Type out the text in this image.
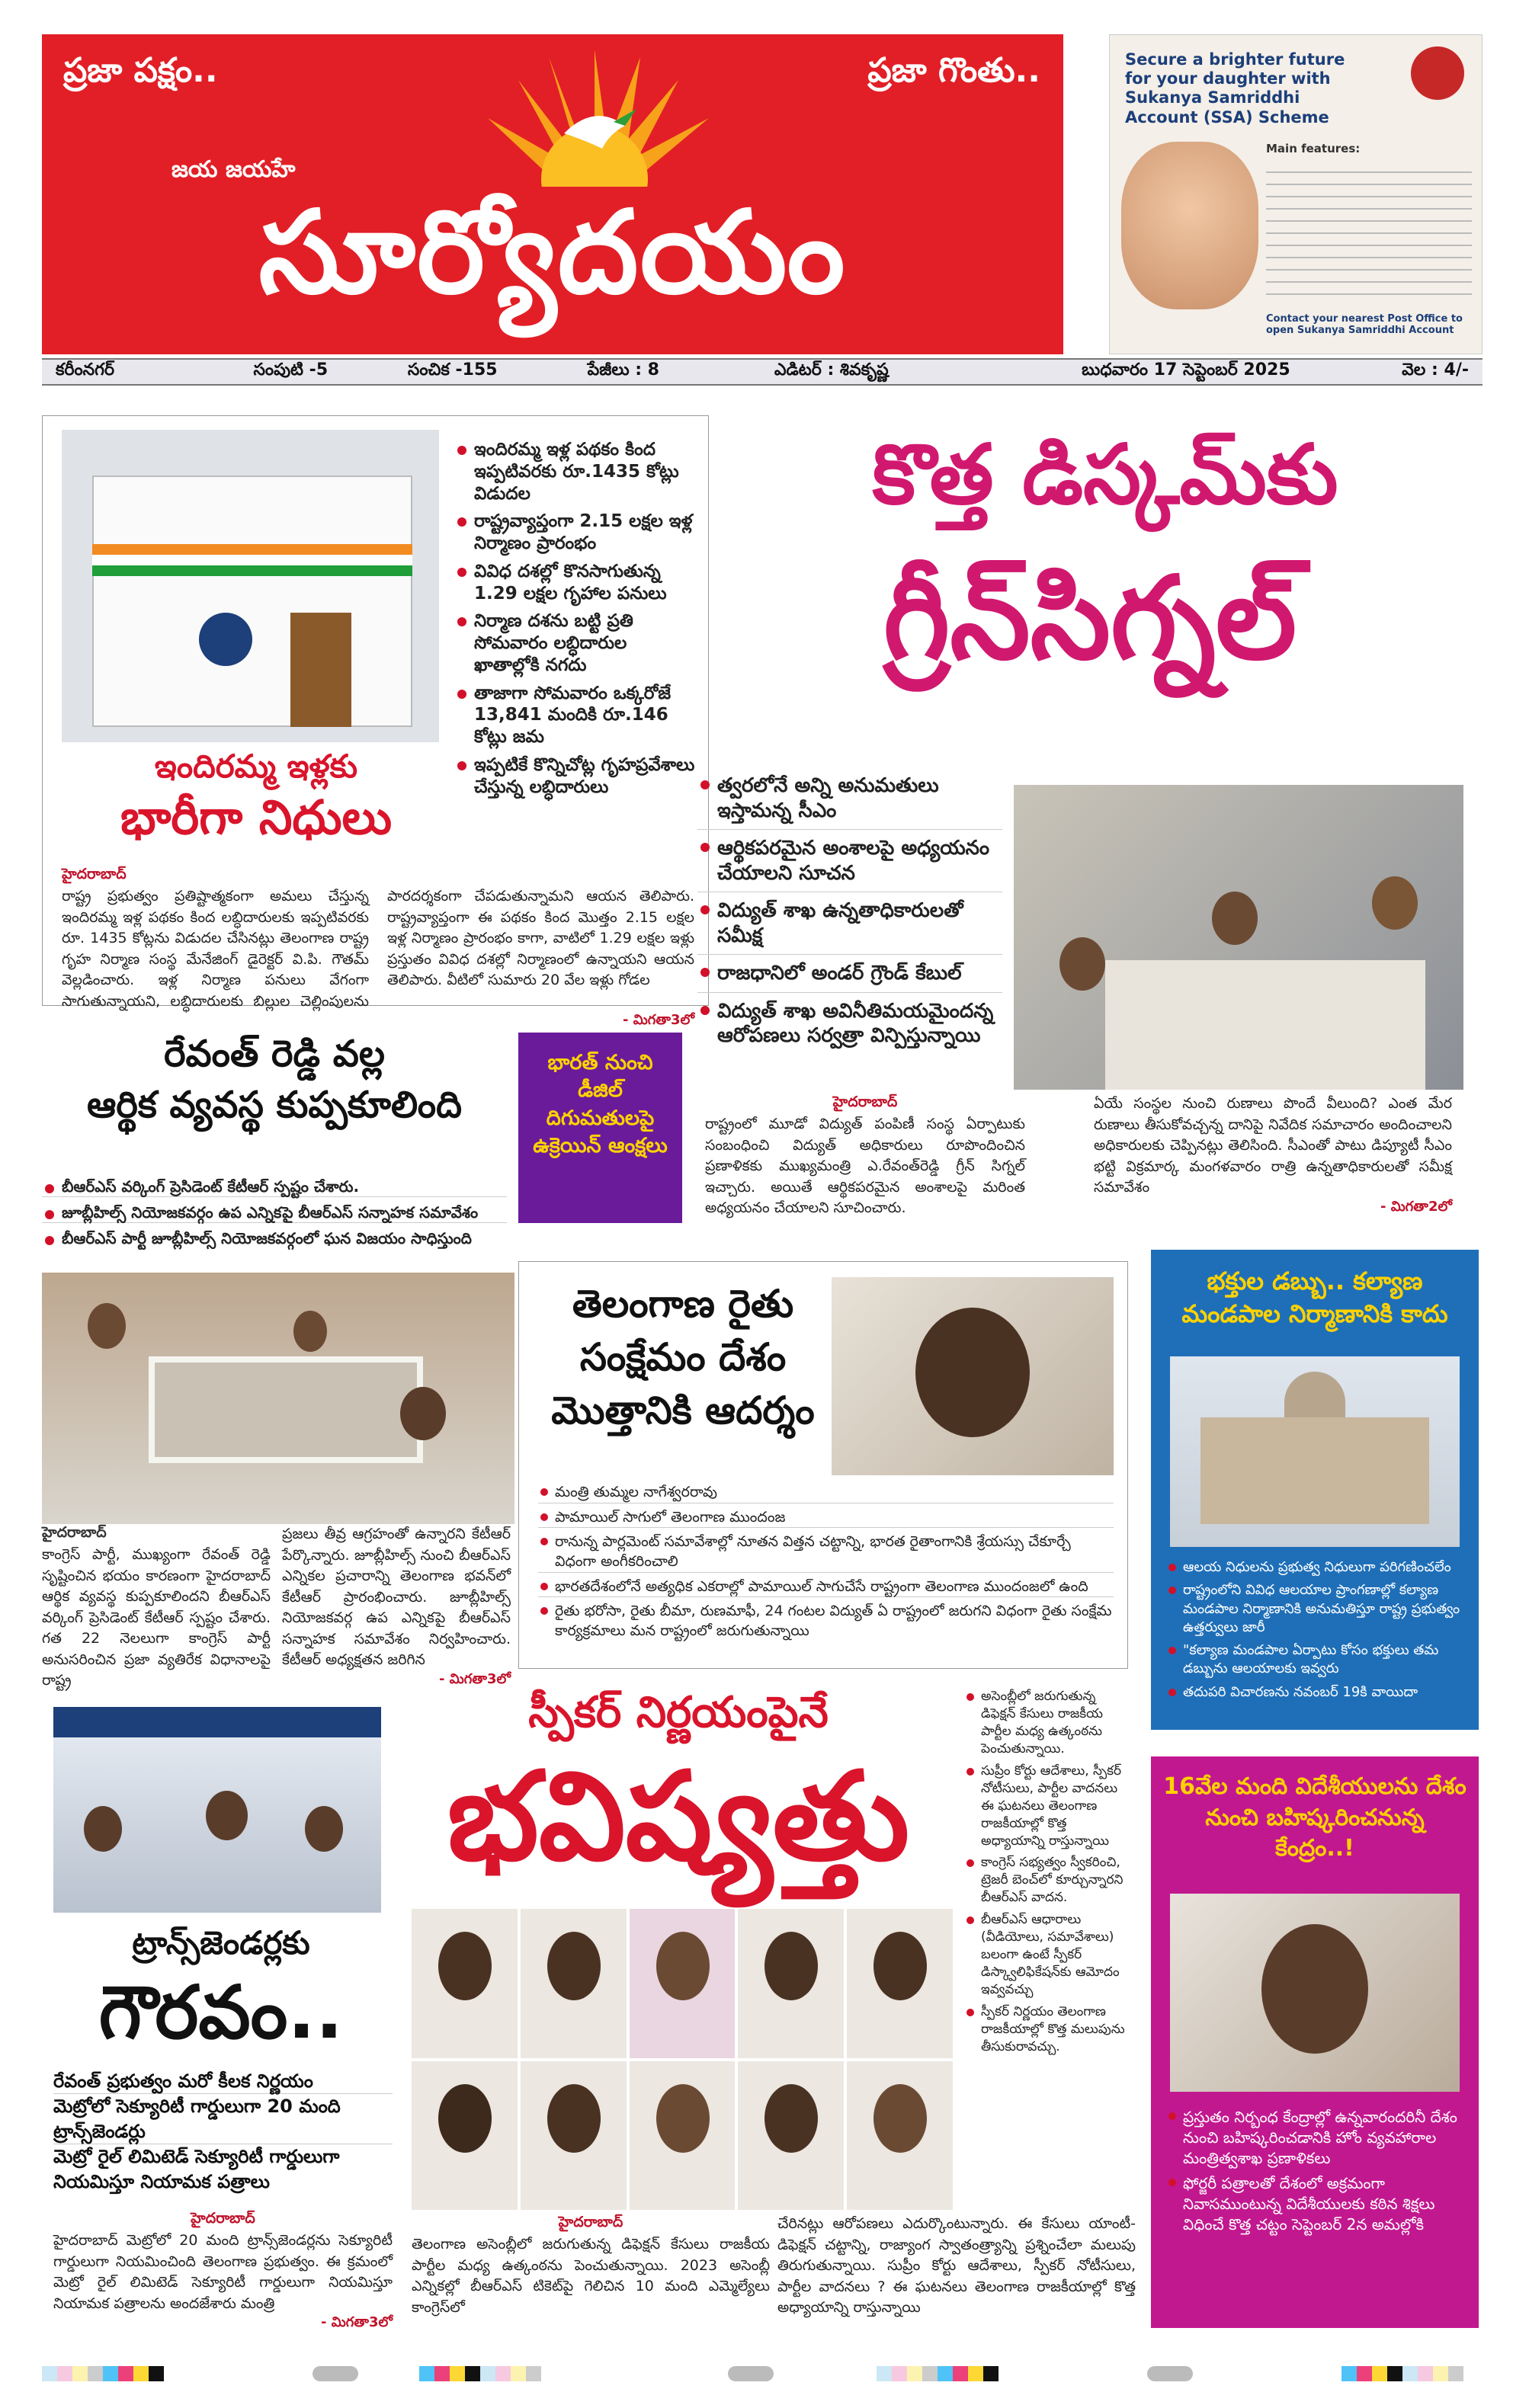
ప్రజా పక్షం..	ప్రజా గొంతు..
జయ జయహే
సూర్యోదయం
Secure a brighter future for your daughter with Sukanya Samriddhi Account (SSA) Scheme
Main features:
Contact your nearest Post Office to open Sukanya Samriddhi Account
కరీంనగర్	సంపుటి -5	సంచిక -155	పేజీలు : 8	ఎడిటర్ : శివకృష్ణ	బుధవారం 17 సెప్టెంబర్ 2025	వెల : 4/-
ఇందిరమ్మ ఇళ్ల పథకం కింద ఇప్పటివరకు రూ.1435 కోట్లు విడుదల
రాష్ట్రవ్యాప్తంగా 2.15 లక్షల ఇళ్ల నిర్మాణం ప్రారంభం
వివిధ దశల్లో కొనసాగుతున్న 1.29 లక్షల గృహాల పనులు
నిర్మాణ దశను బట్టి ప్రతి సోమవారం లబ్ధిదారుల ఖాతాల్లోకి నగదు
తాజాగా సోమవారం ఒక్కరోజే 13,841 మందికి రూ.146 కోట్లు జమ
ఇప్పటికే కొన్నిచోట్ల గృహప్రవేశాలు చేస్తున్న లబ్ధిదారులు
ఇందిరమ్మ ఇళ్లకు
భారీగా నిధులు
హైదరాబాద్
రాష్ట్ర ప్రభుత్వం ప్రతిష్టాత్మకంగా అమలు చేస్తున్న ఇందిరమ్మ ఇళ్ల పథకం కింద లబ్ధిదారులకు ఇప్పటివరకు రూ. 1435 కోట్లను విడుదల చేసినట్లు తెలంగాణ రాష్ట్ర గృహ నిర్మాణ సంస్థ మేనేజింగ్ డైరెక్టర్ వి.పి. గౌతమ్ వెల్లడించారు. ఇళ్ల నిర్మాణ పనులు వేగంగా సాగుతున్నాయని, లబ్ధిదారులకు బిల్లుల చెల్లింపులను పారదర్శకంగా చేపడుతున్నామని ఆయన తెలిపారు. రాష్ట్రవ్యాప్తంగా ఈ పథకం కింద మొత్తం 2.15 లక్షల ఇళ్ల నిర్మాణం ప్రారంభం కాగా, వాటిలో 1.29 లక్షల ఇళ్లు ప్రస్తుతం వివిధ దశల్లో నిర్మాణంలో ఉన్నాయని ఆయన తెలిపారు. వీటిలో సుమారు 20 వేల ఇళ్లు గోడల
- మిగతా3లో
కొత్త డిస్కమ్‌కు
గ్రీన్‌సిగ్నల్
త్వరలోనే అన్ని అనుమతులు ఇస్తామన్న సీఎం
ఆర్థికపరమైన అంశాలపై అధ్యయనం చేయాలని సూచన
విద్యుత్ శాఖ ఉన్నతాధికారులతో సమీక్ష
రాజధానిలో అండర్ గ్రౌండ్ కేబుల్
విద్యుత్ శాఖ అవినీతిమయమైందన్న ఆరోపణలు సర్వత్రా విన్పిస్తున్నాయి
హైదరాబాద్
రాష్ట్రంలో మూడో విద్యుత్ పంపిణీ సంస్థ ఏర్పాటుకు సంబంధించి విద్యుత్ అధికారులు రూపొందించిన ప్రణాళికకు ముఖ్యమంత్రి ఎ.రేవంత్‌రెడ్డి గ్రీన్ సిగ్నల్ ఇచ్చారు. అయితే ఆర్థికపరమైన అంశాలపై మరింత అధ్యయనం చేయాలని సూచించారు.
ఏయే సంస్థల నుంచి రుణాలు పొందే వీలుంది? ఎంత మేర రుణాలు తీసుకోవచ్చన్న దానిపై నివేదిక సమాచారం అందించాలని అధికారులకు చెప్పినట్లు తెలిసింది. సీఎంతో పాటు డిప్యూటీ సీఎం భట్టి విక్రమార్క మంగళవారం రాత్రి ఉన్నతాధికారులతో సమీక్ష సమావేశం
- మిగతా2లో
భారత్ నుంచి డీజిల్ దిగుమతులపై ఉక్రెయిన్ ఆంక్షలు
రేవంత్ రెడ్డి వల్ల
ఆర్థిక వ్యవస్థ కుప్పకూలింది
బీఆర్‌ఎస్ వర్కింగ్ ప్రెసిడెంట్ కేటీఆర్ స్పష్టం చేశారు.
జూబ్లీహిల్స్ నియోజకవర్గం ఉప ఎన్నికపై బీఆర్‌ఎస్ సన్నాహక సమావేశం
బీఆర్‌ఎస్ పార్టీ జూబ్లీహిల్స్ నియోజకవర్గంలో ఘన విజయం సాధిస్తుంది
హైదరాబాద్
కాంగ్రెస్ పార్టీ, ముఖ్యంగా రేవంత్ రెడ్డి సృష్టించిన భయం కారణంగా హైదరాబాద్ ఆర్థిక వ్యవస్థ కుప్పకూలిందని బీఆర్‌ఎస్ వర్కింగ్ ప్రెసిడెంట్ కేటీఆర్ స్పష్టం చేశారు. గత 22 నెలలుగా కాంగ్రెస్ పార్టీ అనుసరించిన ప్రజా వ్యతిరేక విధానాలపై రాష్ట్ర
ప్రజలు తీవ్ర ఆగ్రహంతో ఉన్నారని కేటీఆర్ పేర్కొన్నారు. జూబ్లీహిల్స్ నుంచి బీఆర్‌ఎస్ ఎన్నికల ప్రచారాన్ని తెలంగాణ భవన్‌లో కేటీఆర్ ప్రారంభించారు. జూబ్లీహిల్స్ నియోజకవర్గ ఉప ఎన్నికపై బీఆర్‌ఎస్ సన్నాహక సమావేశం నిర్వహించారు. కేటీఆర్ అధ్యక్షతన జరిగిన
- మిగతా3లో
తెలంగాణ రైతు సంక్షేమం దేశం మొత్తానికి ఆదర్శం
మంత్రి తుమ్మల నాగేశ్వరరావు
పామాయిల్ సాగులో తెలంగాణ ముందంజ
రానున్న పార్లమెంట్ సమావేశాల్లో నూతన విత్తన చట్టాన్ని, భారత రైతాంగానికి శ్రేయస్సు చేకూర్చే విధంగా అంగీకరించాలి
భారతదేశంలోనే అత్యధిక ఎకరాల్లో పామాయిల్ సాగుచేసే రాష్ట్రంగా తెలంగాణ ముందంజలో ఉంది
రైతు భరోసా, రైతు బీమా, రుణమాఫీ, 24 గంటల విద్యుత్ ఏ రాష్ట్రంలో జరుగని విధంగా రైతు సంక్షేమ కార్యక్రమాలు మన రాష్ట్రంలో జరుగుతున్నాయి
భక్తుల డబ్బు.. కల్యాణ మండపాల నిర్మాణానికి కాదు
ఆలయ నిధులను ప్రభుత్వ నిధులుగా పరిగణించలేం
రాష్ట్రంలోని వివిధ ఆలయాల ప్రాంగణాల్లో కల్యాణ మండపాల నిర్మాణానికి అనుమతిస్తూ రాష్ట్ర ప్రభుత్వం ఉత్తర్వులు జారీ
"కల్యాణ మండపాల ఏర్పాటు కోసం భక్తులు తమ డబ్బును ఆలయాలకు ఇవ్వరు
తదుపరి విచారణను నవంబర్ 19కి వాయిదా
ట్రాన్స్‌జెండర్లకు
గౌరవం..
రేవంత్ ప్రభుత్వం మరో కీలక నిర్ణయం
మెట్రోలో సెక్యూరిటీ గార్డులుగా 20 మంది ట్రాన్స్‌జెండర్లు
మెట్రో రైల్ లిమిటెడ్ సెక్యూరిటీ గార్డులుగా నియమిస్తూ నియామక పత్రాలు
హైదరాబాద్
హైదరాబాద్ మెట్రోలో 20 మంది ట్రాన్స్‌జెండర్లను సెక్యూరిటీ గార్డులుగా నియమించింది తెలంగాణ ప్రభుత్వం. ఈ క్రమంలో మెట్రో రైల్ లిమిటెడ్ సెక్యూరిటీ గార్డులుగా నియమిస్తూ నియామక పత్రాలను అందజేశారు మంత్రి
- మిగతా3లో
స్పీకర్ నిర్ణయంపైనే
భవిష్యత్తు
అసెంబ్లీలో జరుగుతున్న డిఫెక్షన్ కేసులు రాజకీయ పార్టీల మధ్య ఉత్కంఠను పెంచుతున్నాయి.
సుప్రీం కోర్టు ఆదేశాలు, స్పీకర్ నోటీసులు, పార్టీల వాదనలు ఈ ఘటనలు తెలంగాణ రాజకీయాల్లో కొత్త అధ్యాయాన్ని రాస్తున్నాయి
కాంగ్రెస్ సభ్యత్వం స్వీకరించి, ట్రెజరీ బెంచ్‌లో కూర్చున్నారని బీఆర్‌ఎస్ వాదన.
బీఆర్‌ఎస్ ఆధారాలు (వీడియోలు, సమావేశాలు) బలంగా ఉంటే స్పీకర్ డిస్క్వాలిఫికేషన్‌కు ఆమోదం ఇవ్వవచ్చు
స్పీకర్ నిర్ణయం తెలంగాణ రాజకీయాల్లో కొత్త మలుపును తీసుకురావచ్చు.
హైదరాబాద్
తెలంగాణ అసెంబ్లీలో జరుగుతున్న డిఫెక్షన్ కేసులు రాజకీయ పార్టీల మధ్య ఉత్కంఠను పెంచుతున్నాయి. 2023 అసెంబ్లీ ఎన్నికల్లో బీఆర్‌ఎస్ టికెట్‌పై గెలిచిన 10 మంది ఎమ్మెల్యేలు కాంగ్రెస్‌లో
చేరినట్లు ఆరోపణలు ఎదుర్కొంటున్నారు. ఈ కేసులు యాంటీ-డిఫెక్షన్ చట్టాన్ని, రాజ్యాంగ స్వాతంత్ర్యాన్ని ప్రశ్నించేలా మలుపు తిరుగుతున్నాయి. సుప్రీం కోర్టు ఆదేశాలు, స్పీకర్ నోటీసులు, పార్టీల వాదనలు ? ఈ ఘటనలు తెలంగాణ రాజకీయాల్లో కొత్త అధ్యాయాన్ని రాస్తున్నాయి
16వేల మంది విదేశీయులను దేశం నుంచి బహిష్కరించనున్న కేంద్రం..!
ప్రస్తుతం నిర్బంధ కేంద్రాల్లో ఉన్నవారందరినీ దేశం నుంచి బహిష్కరించడానికి హోం వ్యవహారాల మంత్రిత్వశాఖ ప్రణాళికలు
ఫోర్జరీ పత్రాలతో దేశంలో అక్రమంగా నివాసముంటున్న విదేశీయులకు కఠిన శిక్షలు విధించే కొత్త చట్టం సెప్టెంబర్ 2న అమల్లోకి
